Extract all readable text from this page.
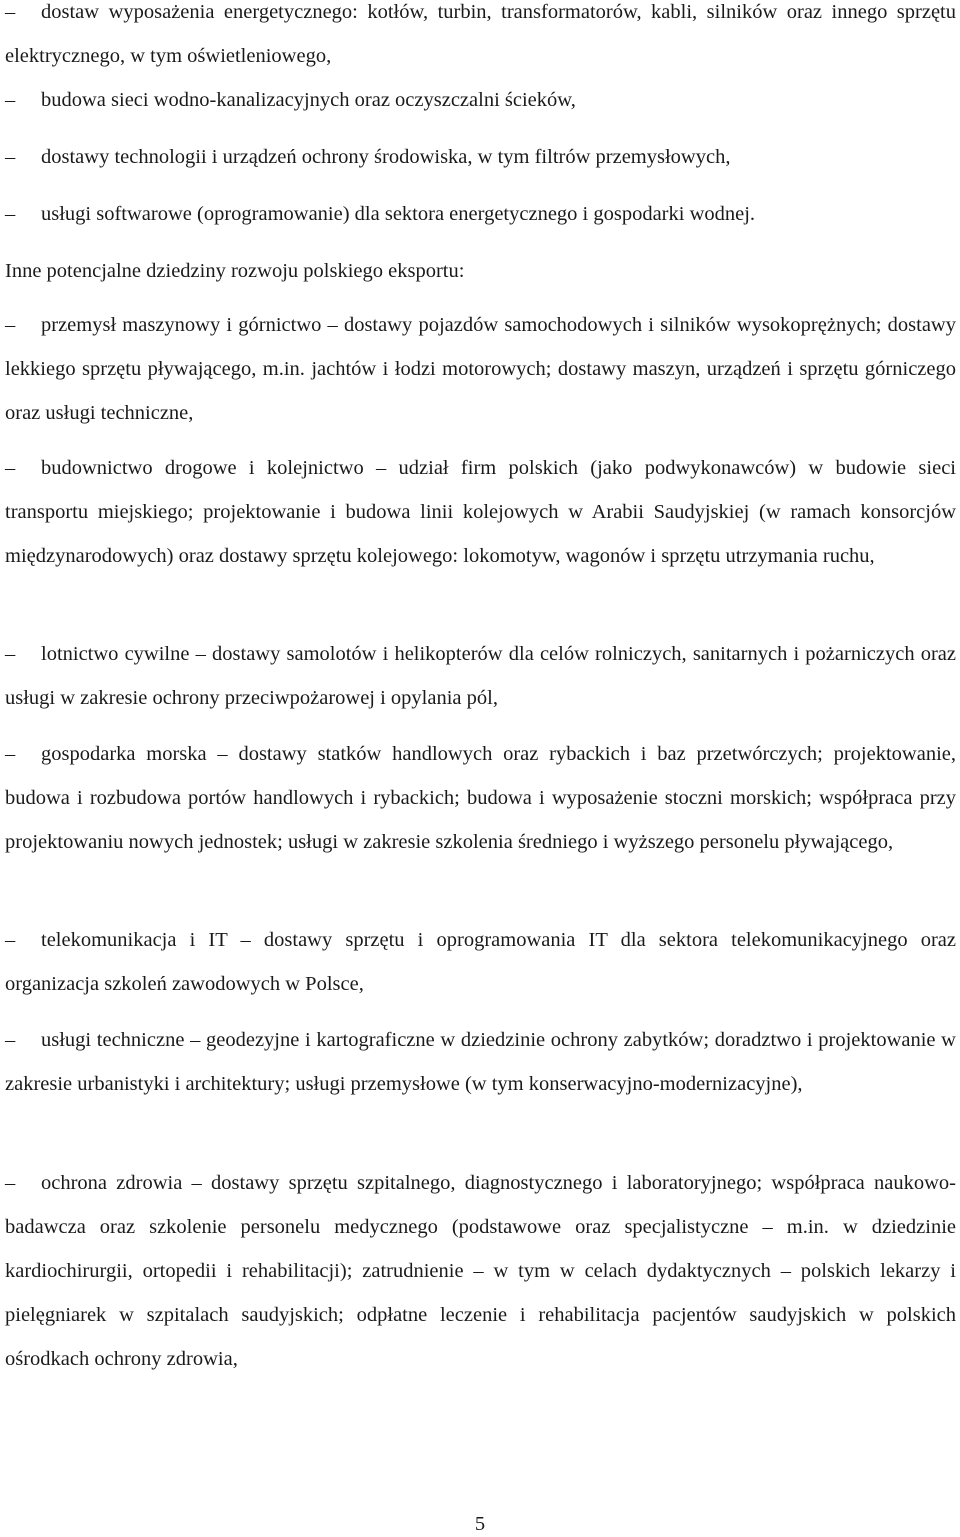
– dostaw wyposażenia energetycznego: kotłów, turbin, transformatorów, kabli, silników oraz innego sprzętu elektrycznego, w tym oświetleniowego,

– budowa sieci wodno-kanalizacyjnych oraz oczyszczalni ścieków,

– dostawy technologii i urządzeń ochrony środowiska, w tym filtrów przemysłowych,

– usługi softwarowe (oprogramowanie) dla sektora energetycznego i gospodarki wodnej.

Inne potencjalne dziedziny rozwoju polskiego eksportu:

– przemysł maszynowy i górnictwo – dostawy pojazdów samochodowych i silników wysokoprężnych; dostawy lekkiego sprzętu pływającego, m.in. jachtów i łodzi motorowych; dostawy maszyn, urządzeń i sprzętu górniczego oraz usługi techniczne,

– budownictwo drogowe i kolejnictwo – udział firm polskich (jako podwykonawców) w budowie sieci transportu miejskiego; projektowanie i budowa linii kolejowych w Arabii Saudyjskiej (w ramach konsorcjów międzynarodowych) oraz dostawy sprzętu kolejowego: lokomotyw, wagonów i sprzętu utrzymania ruchu,

– lotnictwo cywilne – dostawy samolotów i helikopterów dla celów rolniczych, sanitarnych i pożarniczych oraz usługi w zakresie ochrony przeciwpożarowej i opylania pól,

– gospodarka morska – dostawy statków handlowych oraz rybackich i baz przetwórczych; projektowanie, budowa i rozbudowa portów handlowych i rybackich; budowa i wyposażenie stoczni morskich; współpraca przy projektowaniu nowych jednostek; usługi w zakresie szkolenia średniego i wyższego personelu pływającego,

– telekomunikacja i IT – dostawy sprzętu i oprogramowania IT dla sektora telekomunikacyjnego oraz organizacja szkoleń zawodowych w Polsce,

– usługi techniczne – geodezyjne i kartograficzne w dziedzinie ochrony zabytków; doradztwo i projektowanie w zakresie urbanistyki i architektury; usługi przemysłowe (w tym konserwacyjno-modernizacyjne),

– ochrona zdrowia – dostawy sprzętu szpitalnego, diagnostycznego i laboratoryjnego; współpraca naukowo-badawcza oraz szkolenie personelu medycznego (podstawowe oraz specjalistyczne – m.in. w dziedzinie kardiochirurgii, ortopedii i rehabilitacji); zatrudnienie – w tym w celach dydaktycznych – polskich lekarzy i pielęgniarek w szpitalach saudyjskich; odpłatne leczenie i rehabilitacja pacjentów saudyjskich w polskich ośrodkach ochrony zdrowia,

5
